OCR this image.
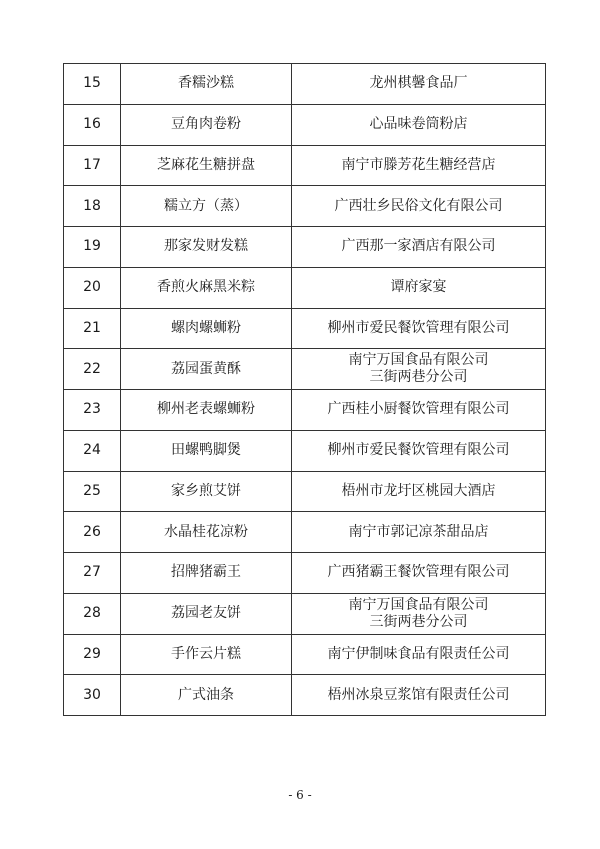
15	香糯沙糕	龙州棋馨食品厂

16	豆角肉卷粉	心品味卷筒粉店

17	芝麻花生糖拼盘	南宁市滕芳花生糖经营店

18	糯立方（蒸）	广西壮乡民俗文化有限公司

19	那家发财发糕	广西那一家酒店有限公司

20	香煎火麻黑米粽	谭府家宴

21	螺肉螺蛳粉	柳州市爱民餐饮管理有限公司

22	荔园蛋黄酥	南宁万国食品有限公司
三街两巷分公司

23	柳州老表螺蛳粉	广西桂小厨餐饮管理有限公司

24	田螺鸭脚煲	柳州市爱民餐饮管理有限公司

25	家乡煎艾饼	梧州市龙圩区桃园大酒店

26	水晶桂花凉粉	南宁市郭记凉茶甜品店

27	招牌猪霸王	广西猪霸王餐饮管理有限公司

28	荔园老友饼	南宁万国食品有限公司
三街两巷分公司

29	手作云片糕	南宁伊制味食品有限责任公司

30	广式油条	梧州冰泉豆浆馆有限责任公司
- 6 -
